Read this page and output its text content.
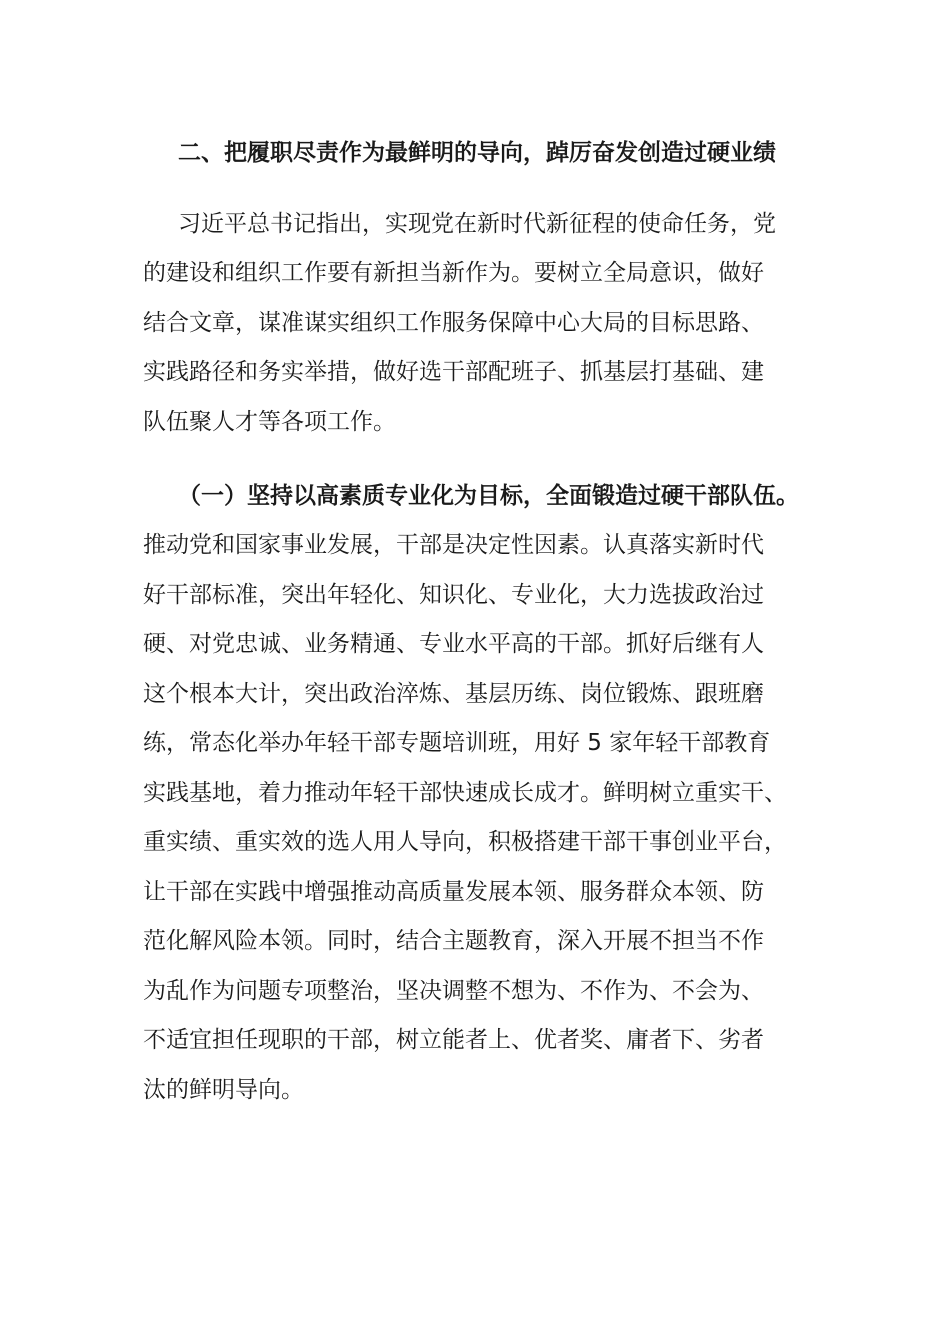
二、把履职尽责作为最鲜明的导向，踔厉奋发创造过硬业绩
习近平总书记指出，实现党在新时代新征程的使命任务，党
的建设和组织工作要有新担当新作为。要树立全局意识，做好
结合文章，谋准谋实组织工作服务保障中心大局的目标思路、
实践路径和务实举措，做好选干部配班子、抓基层打基础、建
队伍聚人才等各项工作。
（一）坚持以高素质专业化为目标，全面锻造过硬干部队伍。
推动党和国家事业发展，干部是决定性因素。认真落实新时代
好干部标准，突出年轻化、知识化、专业化，大力选拔政治过
硬、对党忠诚、业务精通、专业水平高的干部。抓好后继有人
这个根本大计，突出政治淬炼、基层历练、岗位锻炼、跟班磨
练，常态化举办年轻干部专题培训班，用好 5 家年轻干部教育
实践基地，着力推动年轻干部快速成长成才。鲜明树立重实干、
重实绩、重实效的选人用人导向，积极搭建干部干事创业平台，
让干部在实践中增强推动高质量发展本领、服务群众本领、防
范化解风险本领。同时，结合主题教育，深入开展不担当不作
为乱作为问题专项整治，坚决调整不想为、不作为、不会为、
不适宜担任现职的干部，树立能者上、优者奖、庸者下、劣者
汰的鲜明导向。
